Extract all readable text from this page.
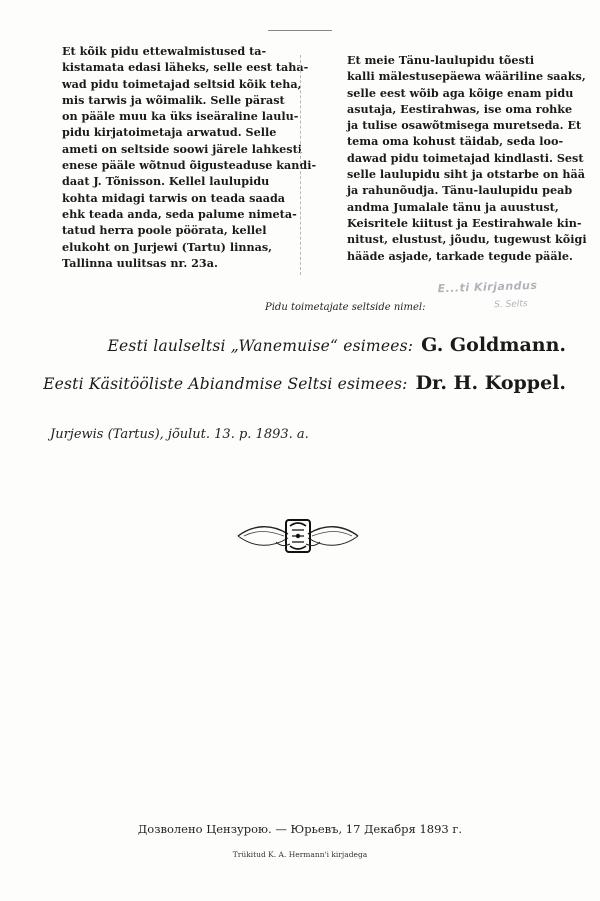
Et kõik pidu ettewalmistused ta-
kistamata edasi läheks, selle eest taha-
wad pidu toimetajad seltsid kõik teha,
mis tarwis ja wõimalik. Selle pärast
on pääle muu ka üks iseäraline laulu-
pidu kirjatoimetaja arwatud. Selle
ameti on seltside soowi järele lahkesti
enese pääle wõtnud õigusteaduse kandi-
daat J. Tõnisson. Kellel laulupidu
kohta midagi tarwis on teada saada
ehk teada anda, seda palume nimeta-
tatud herra poole pöörata, kellel
elukoht on Jurjewi (Tartu) linnas,
Tallinna uulitsas nr. 23a.
Et meie Tänu-laulupidu tõesti
kalli mälestusepäewa wääriline saaks,
selle eest wõib aga kõige enam pidu
asutaja, Eestirahwas, ise oma rohke
ja tulise osawõtmisega muretseda. Et
tema oma kohust täidab, seda loo-
dawad pidu toimetajad kindlasti. Sest
selle laulupidu siht ja otstarbe on hää
ja rahunõudja. Tänu-laulupidu peab
andma Jumalale tänu ja auustust,
Keisritele kiitust ja Eestirahwale kin-
nitust, elustust, jõudu, tugewust kõigi
hääde asjade, tarkade tegude pääle.
E...ti Kirjandus
S. Selts
Pidu toimetajate seltside nimel:
Eesti laulseltsi „Wanemuise“ esimees: G. Goldmann.
Eesti Käsitööliste Abiandmise Seltsi esimees: Dr. H. Koppel.
Jurjewis (Tartus), jõulut. 13. p. 1893. a.
Дозволено Цензурою. — Юрьевъ, 17 Декабря 1893 г.
Trükitud K. A. Hermann'i kirjadega
